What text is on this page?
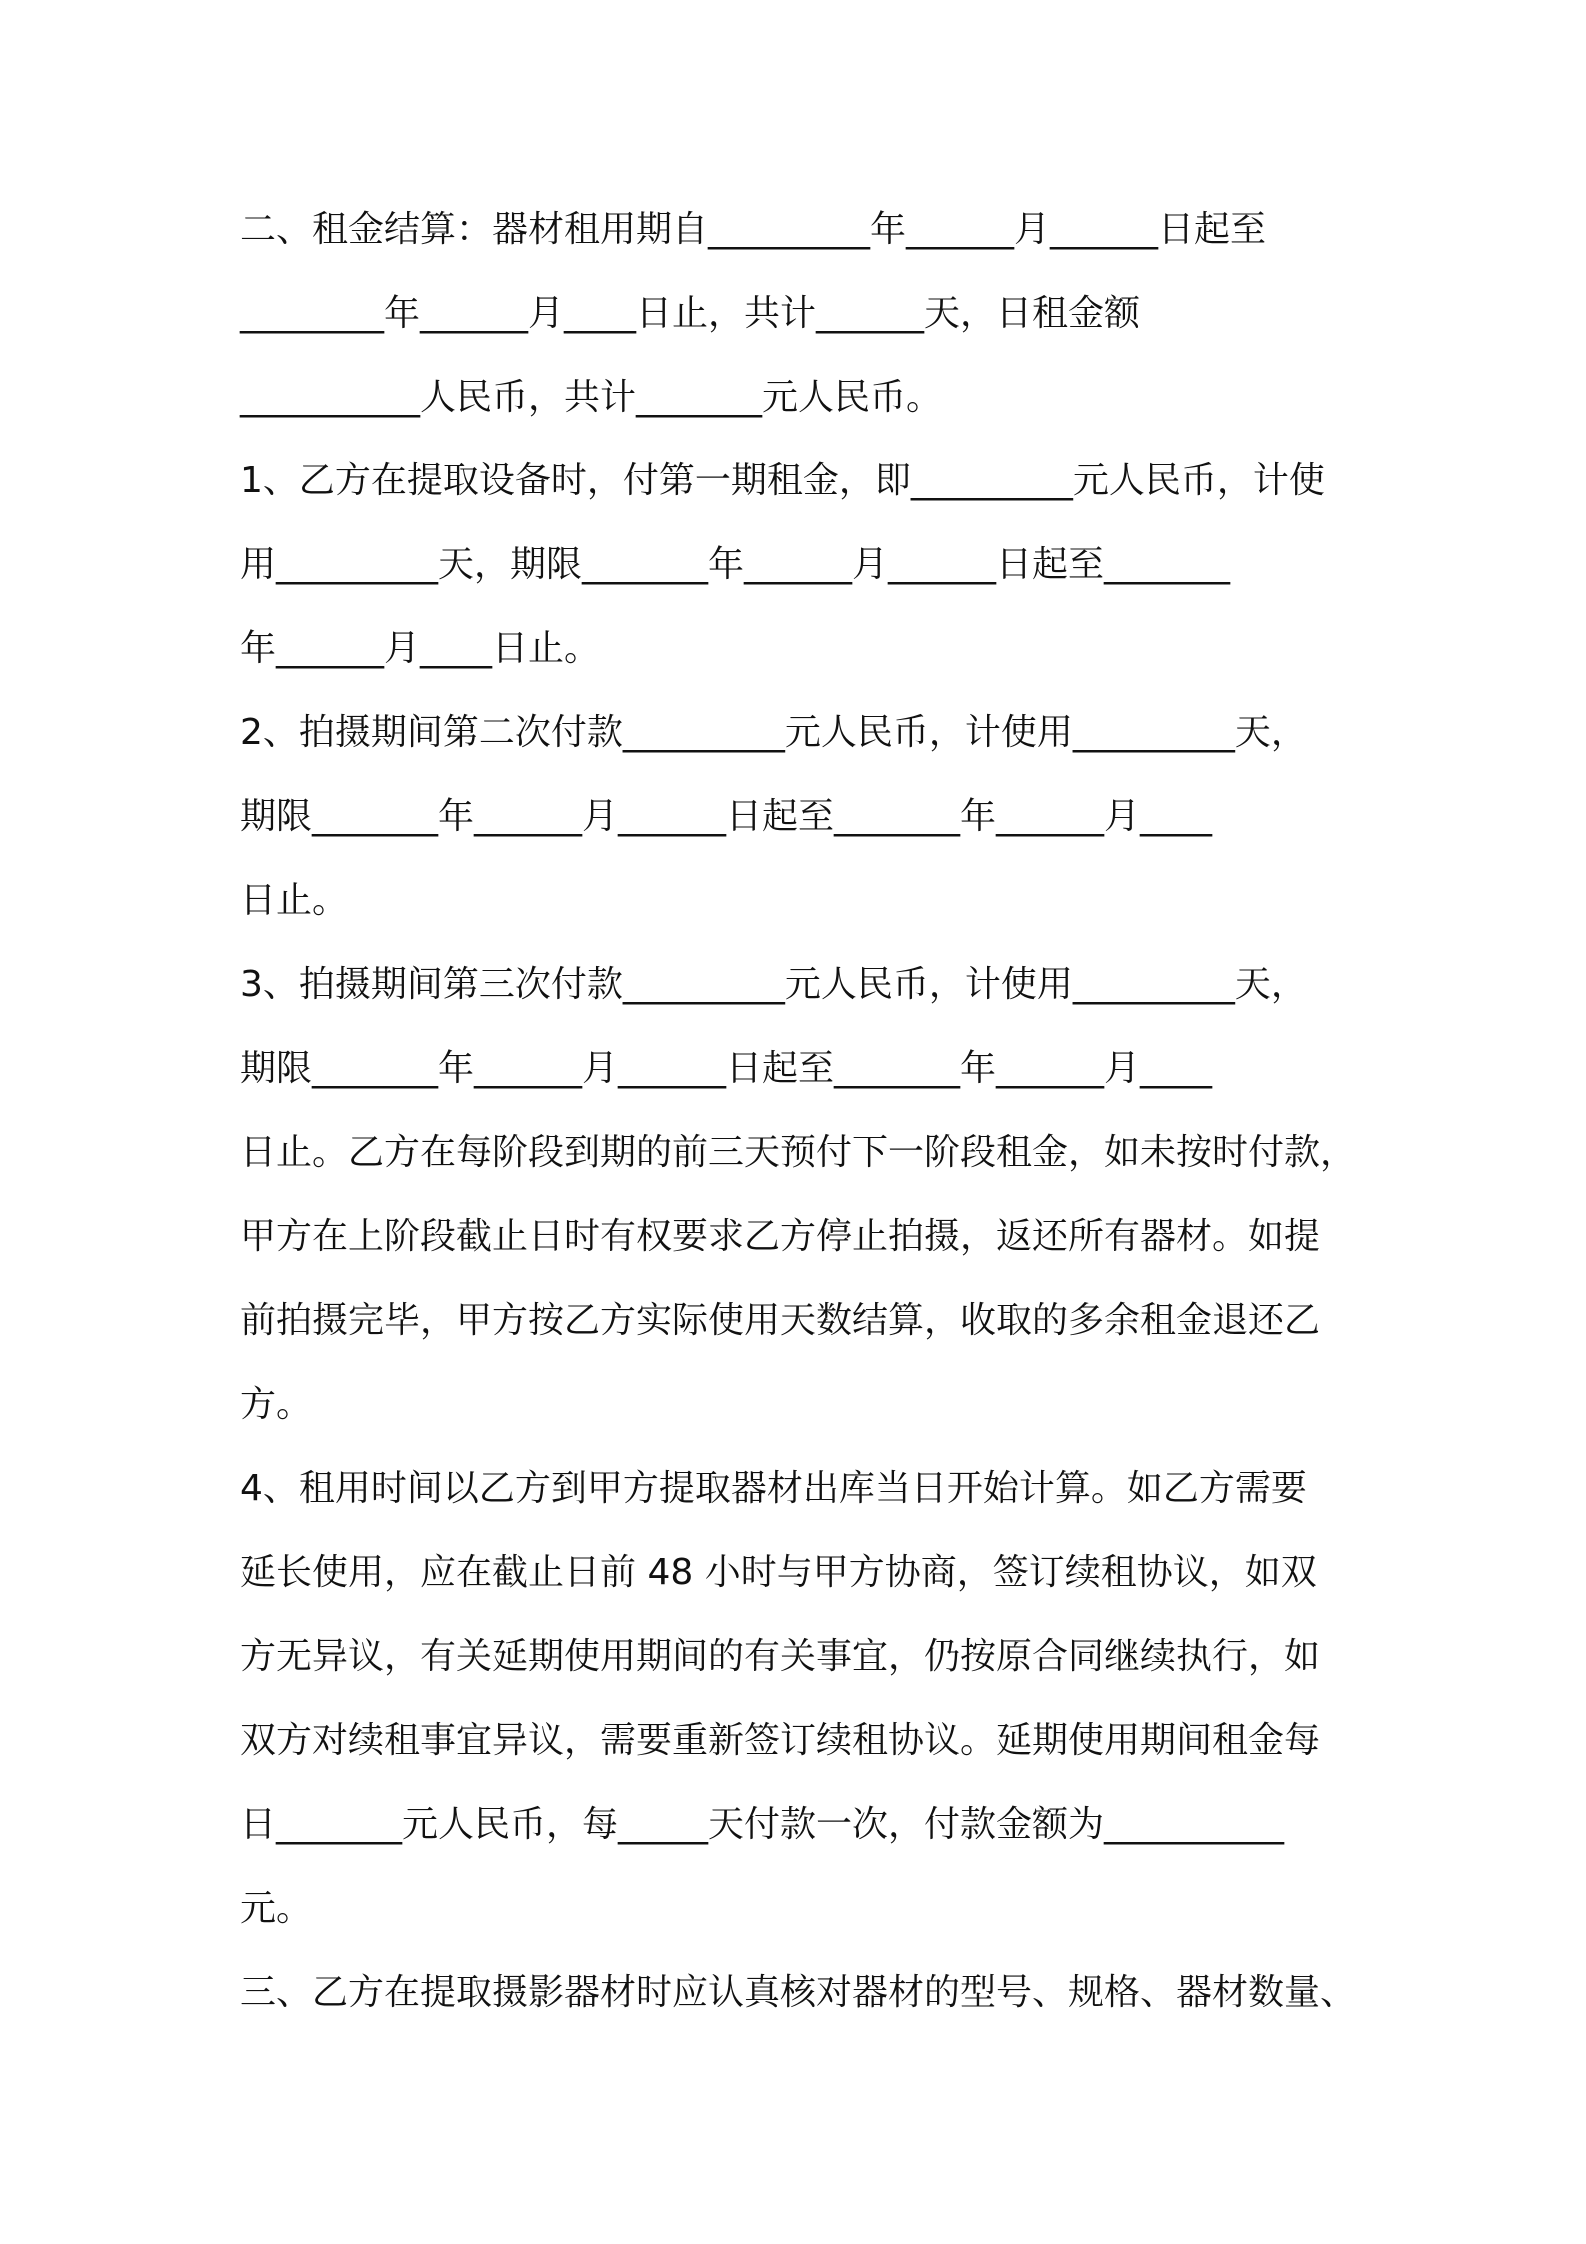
二、租金结算：器材租用期自_________年______月______日起至

________年______月____日止，共计______天，日租金额

__________人民币，共计_______元人民币。

1、乙方在提取设备时，付第一期租金，即_________元人民币，计使

用_________天，期限_______年______月______日起至_______

年______月____日止。

2、拍摄期间第二次付款_________元人民币，计使用_________天，

期限_______年______月______日起至_______年______月____

日止。

3、拍摄期间第三次付款_________元人民币，计使用_________天，

期限_______年______月______日起至_______年______月____

日止。乙方在每阶段到期的前三天预付下一阶段租金，如未按时付款，

甲方在上阶段截止日时有权要求乙方停止拍摄，返还所有器材。如提

前拍摄完毕，甲方按乙方实际使用天数结算，收取的多余租金退还乙

方。

4、租用时间以乙方到甲方提取器材出库当日开始计算。如乙方需要

延长使用，应在截止日前 48 小时与甲方协商，签订续租协议，如双

方无异议，有关延期使用期间的有关事宜，仍按原合同继续执行，如

双方对续租事宜异议，需要重新签订续租协议。延期使用期间租金每

日_______元人民币，每_____天付款一次，付款金额为__________

元。

三、乙方在提取摄影器材时应认真核对器材的型号、规格、器材数量、
